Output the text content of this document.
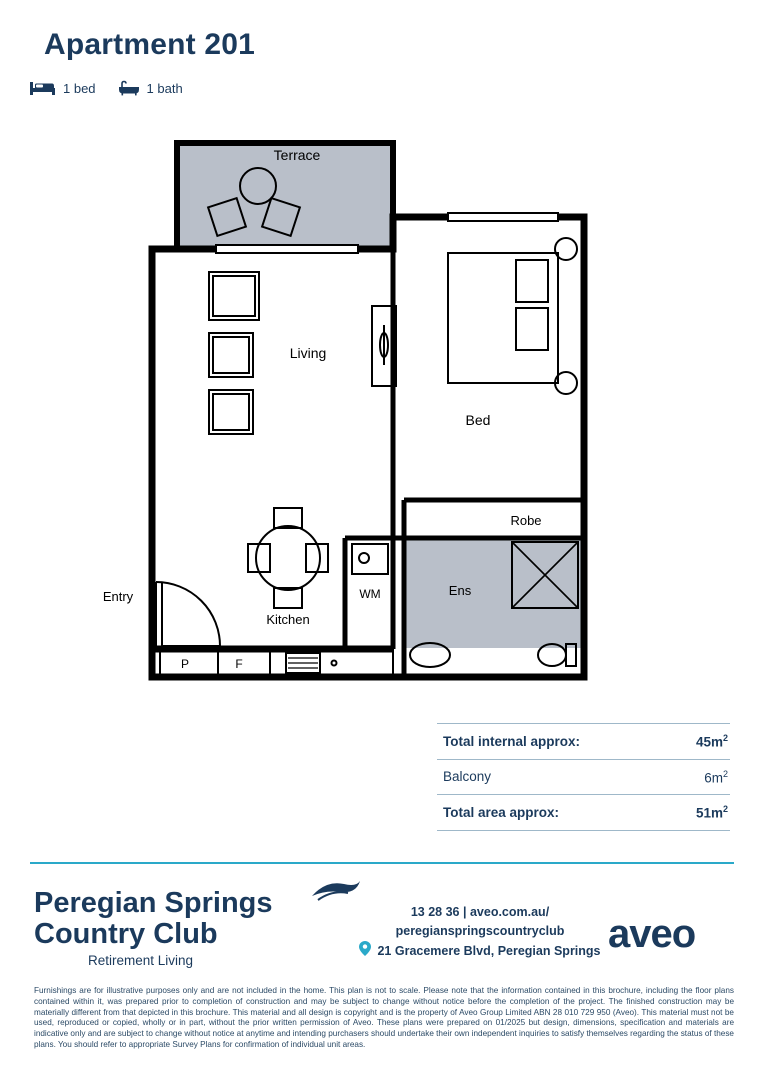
Apartment 201
1 bed	1 bath
Terrace
Living
Bed
Robe
Ens
WM
Kitchen
Entry
P	F
Total internal approx:	$45m^2$
Balcony	$6m^2$
Total area approx:	$51m^2$
Peregian Springs
Country Club
Retirement Living
13 28 36 | aveo.com.au/
peregianspringscountryclub
21 Gracemere Blvd, Peregian Springs aveo
Furnishings are for illustrative purposes only and are not included in the home. This plan is not to scale. Please note that the information contained in this brochure, including the floor plans contained within it, was prepared prior to completion of construction and may be subject to change without notice before the completion of the project. The finished construction may be materially different from that depicted in this brochure. This material and all design is copyright and is the property of Aveo Group Limited ABN 28 010 729 950 (Aveo). This material must not be used, reproduced or copied, wholly or in part, without the prior written permission of Aveo. These plans were prepared on 01/2025 but design, dimensions, specification and materials are indicative only and are subject to change without notice at anytime and intending purchasers should undertake their own independent inquiries to satisfy themselves regarding the status of these plans. You should refer to appropriate Survey Plans for confirmation of individual unit areas.
